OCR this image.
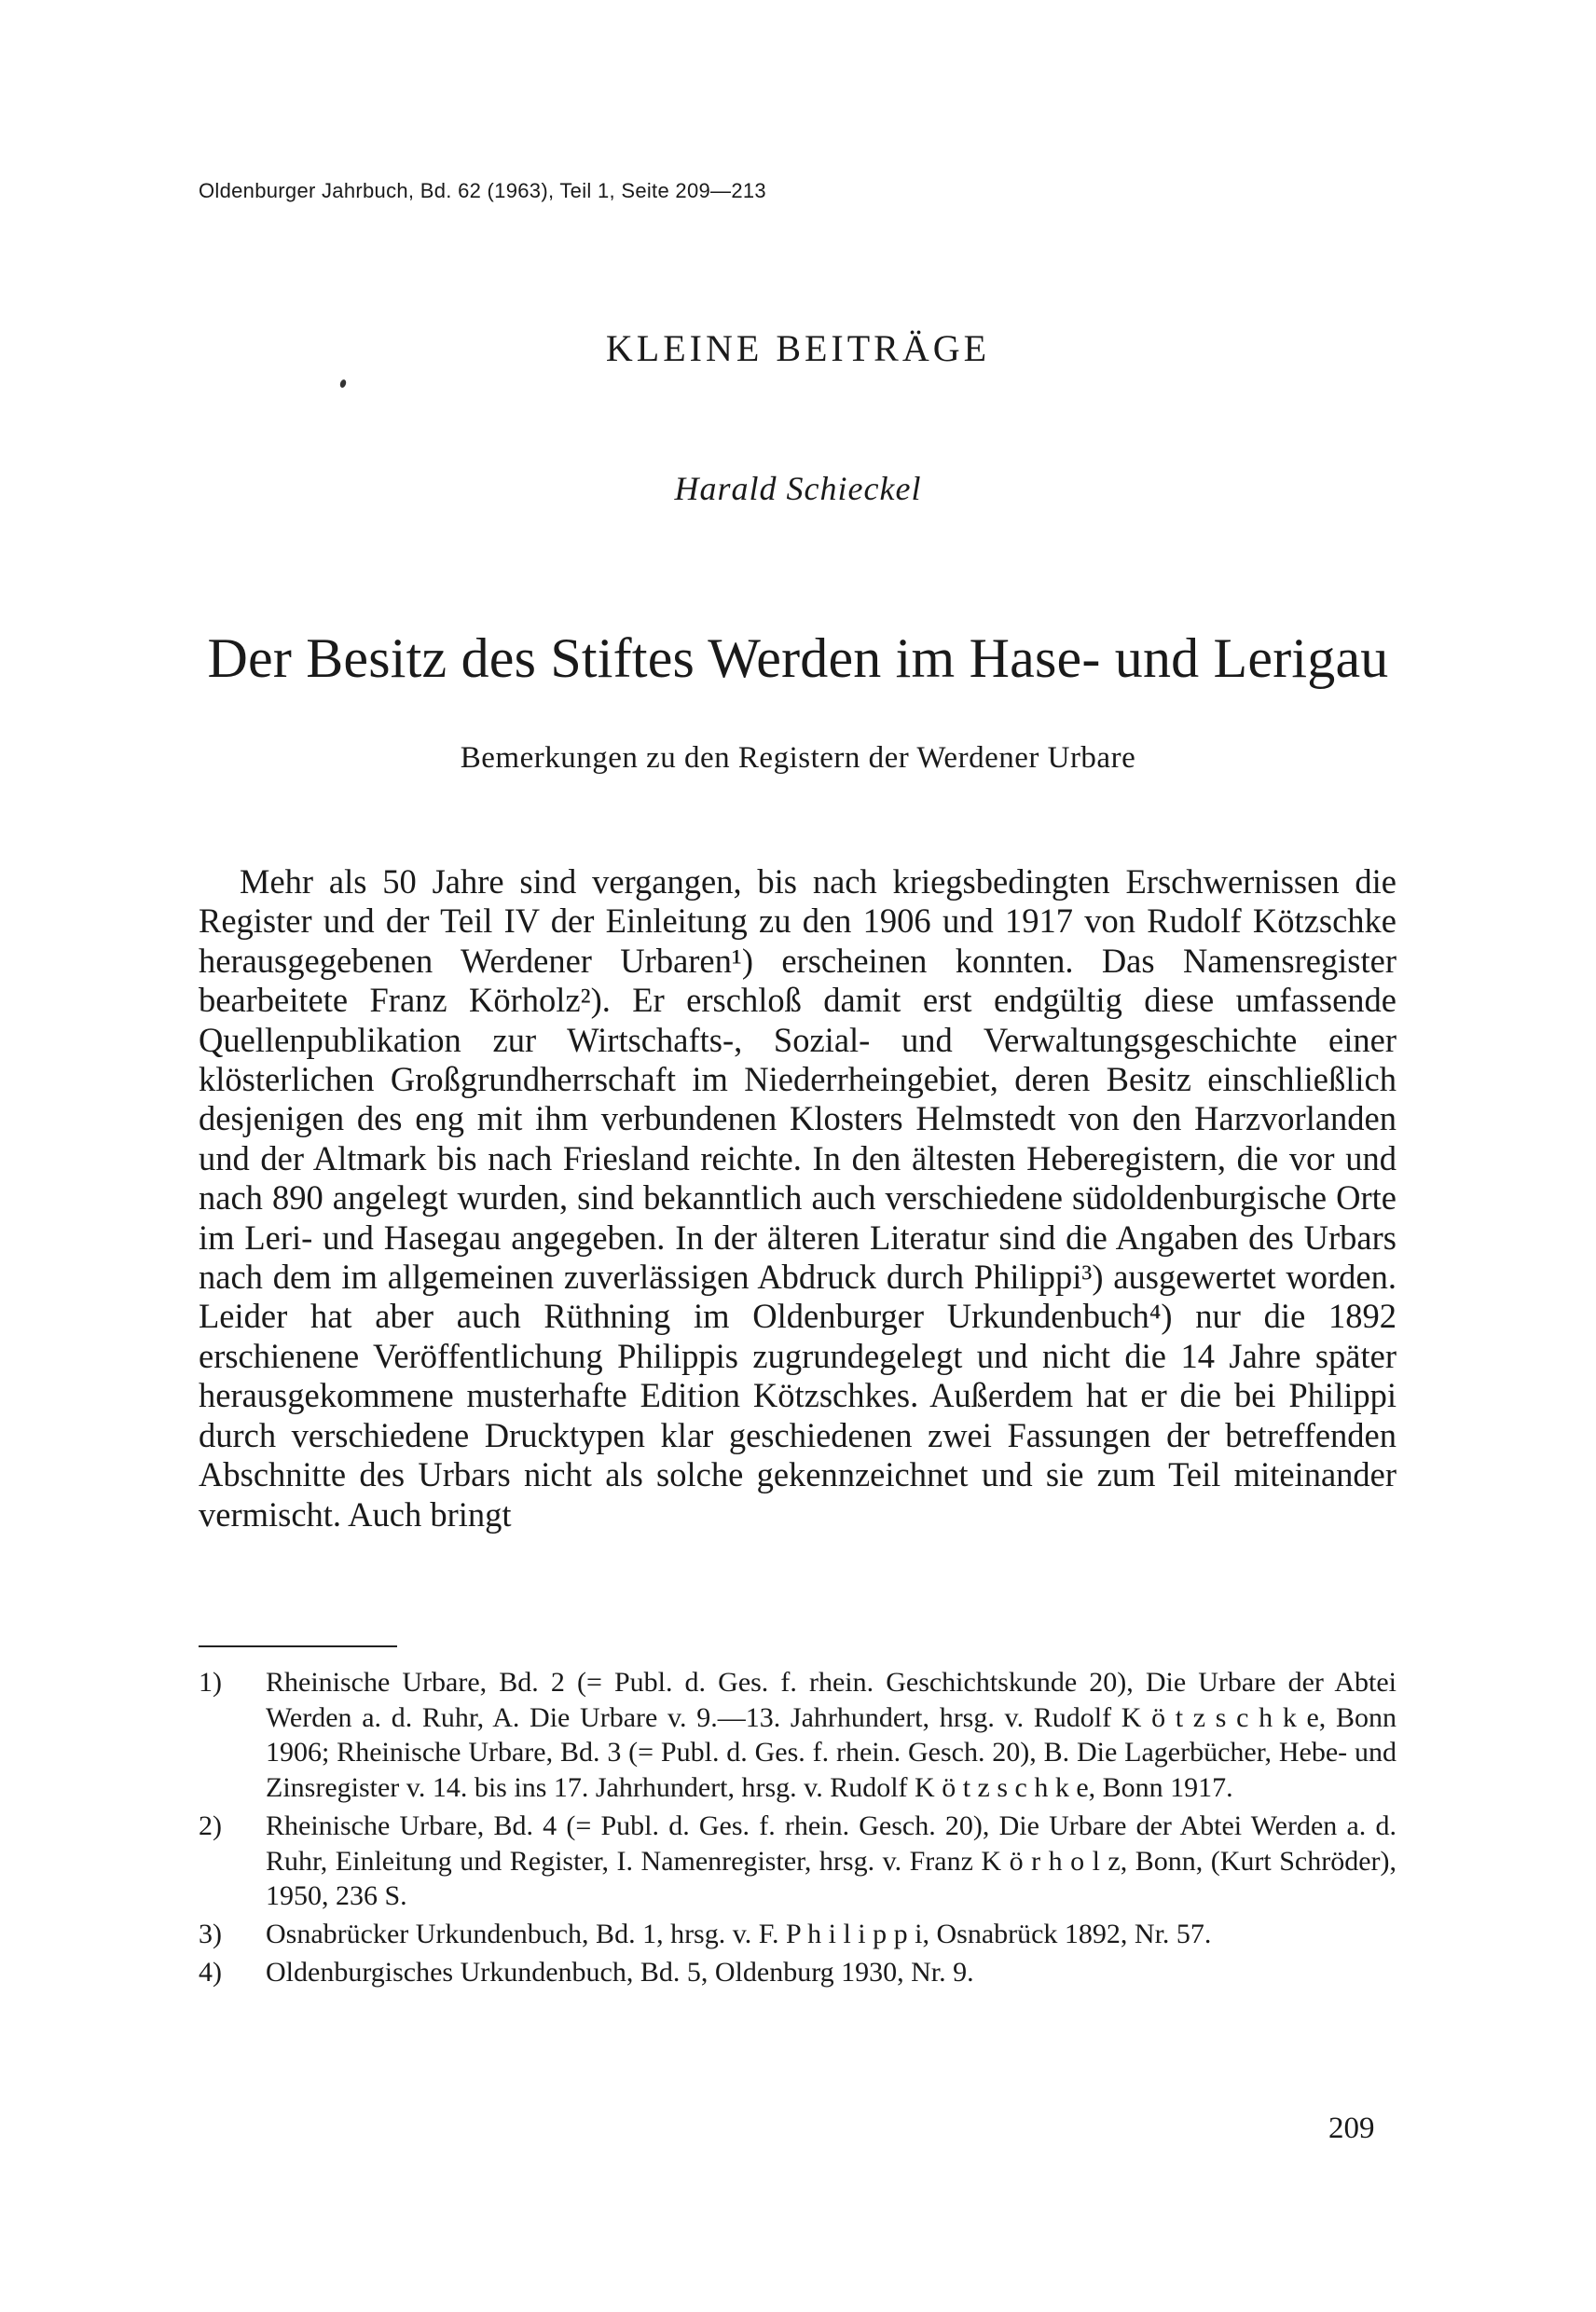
Oldenburger Jahrbuch, Bd. 62 (1963), Teil 1, Seite 209—213

KLEINE BEITRÄGE

Harald Schieckel

Der Besitz des Stiftes Werden im Hase- und Lerigau

Bemerkungen zu den Registern der Werdener Urbare

Mehr als 50 Jahre sind vergangen, bis nach kriegsbedingten Erschwernissen die Register und der Teil IV der Einleitung zu den 1906 und 1917 von Rudolf Kötzschke herausgegebenen Werdener Urbaren¹) erscheinen konnten. Das Namensregister bearbeitete Franz Körholz²). Er erschloß damit erst endgültig diese umfassende Quellenpublikation zur Wirtschafts-, Sozial- und Verwaltungsgeschichte einer klösterlichen Großgrundherrschaft im Niederrheingebiet, deren Besitz einschließlich desjenigen des eng mit ihm verbundenen Klosters Helmstedt von den Harzvorlanden und der Altmark bis nach Friesland reichte. In den ältesten Heberegistern, die vor und nach 890 angelegt wurden, sind bekanntlich auch verschiedene südoldenburgische Orte im Leri- und Hasegau angegeben. In der älteren Literatur sind die Angaben des Urbars nach dem im allgemeinen zuverlässigen Abdruck durch Philippi³) ausgewertet worden. Leider hat aber auch Rüthning im Oldenburger Urkundenbuch⁴) nur die 1892 erschienene Veröffentlichung Philippis zugrundegelegt und nicht die 14 Jahre später herausgekommene musterhafte Edition Kötzschkes. Außerdem hat er die bei Philippi durch verschiedene Drucktypen klar geschiedenen zwei Fassungen der betreffenden Abschnitte des Urbars nicht als solche gekennzeichnet und sie zum Teil miteinander vermischt. Auch bringt

1)	Rheinische Urbare, Bd. 2 (= Publ. d. Ges. f. rhein. Geschichtskunde 20), Die Urbare der Abtei Werden a. d. Ruhr, A. Die Urbare v. 9.—13. Jahrhundert, hrsg. v. Rudolf K ö t z s c h k e, Bonn 1906; Rheinische Urbare, Bd. 3 (= Publ. d. Ges. f. rhein. Gesch. 20), B. Die Lagerbücher, Hebe- und Zinsregister v. 14. bis ins 17. Jahrhundert, hrsg. v. Rudolf K ö t z s c h k e, Bonn 1917.
2)	Rheinische Urbare, Bd. 4 (= Publ. d. Ges. f. rhein. Gesch. 20), Die Urbare der Abtei Werden a. d. Ruhr, Einleitung und Register, I. Namenregister, hrsg. v. Franz K ö r h o l z, Bonn, (Kurt Schröder), 1950, 236 S.
3)	Osnabrücker Urkundenbuch, Bd. 1, hrsg. v. F. P h i l i p p i, Osnabrück 1892, Nr. 57.
4)	Oldenburgisches Urkundenbuch, Bd. 5, Oldenburg 1930, Nr. 9.

209
